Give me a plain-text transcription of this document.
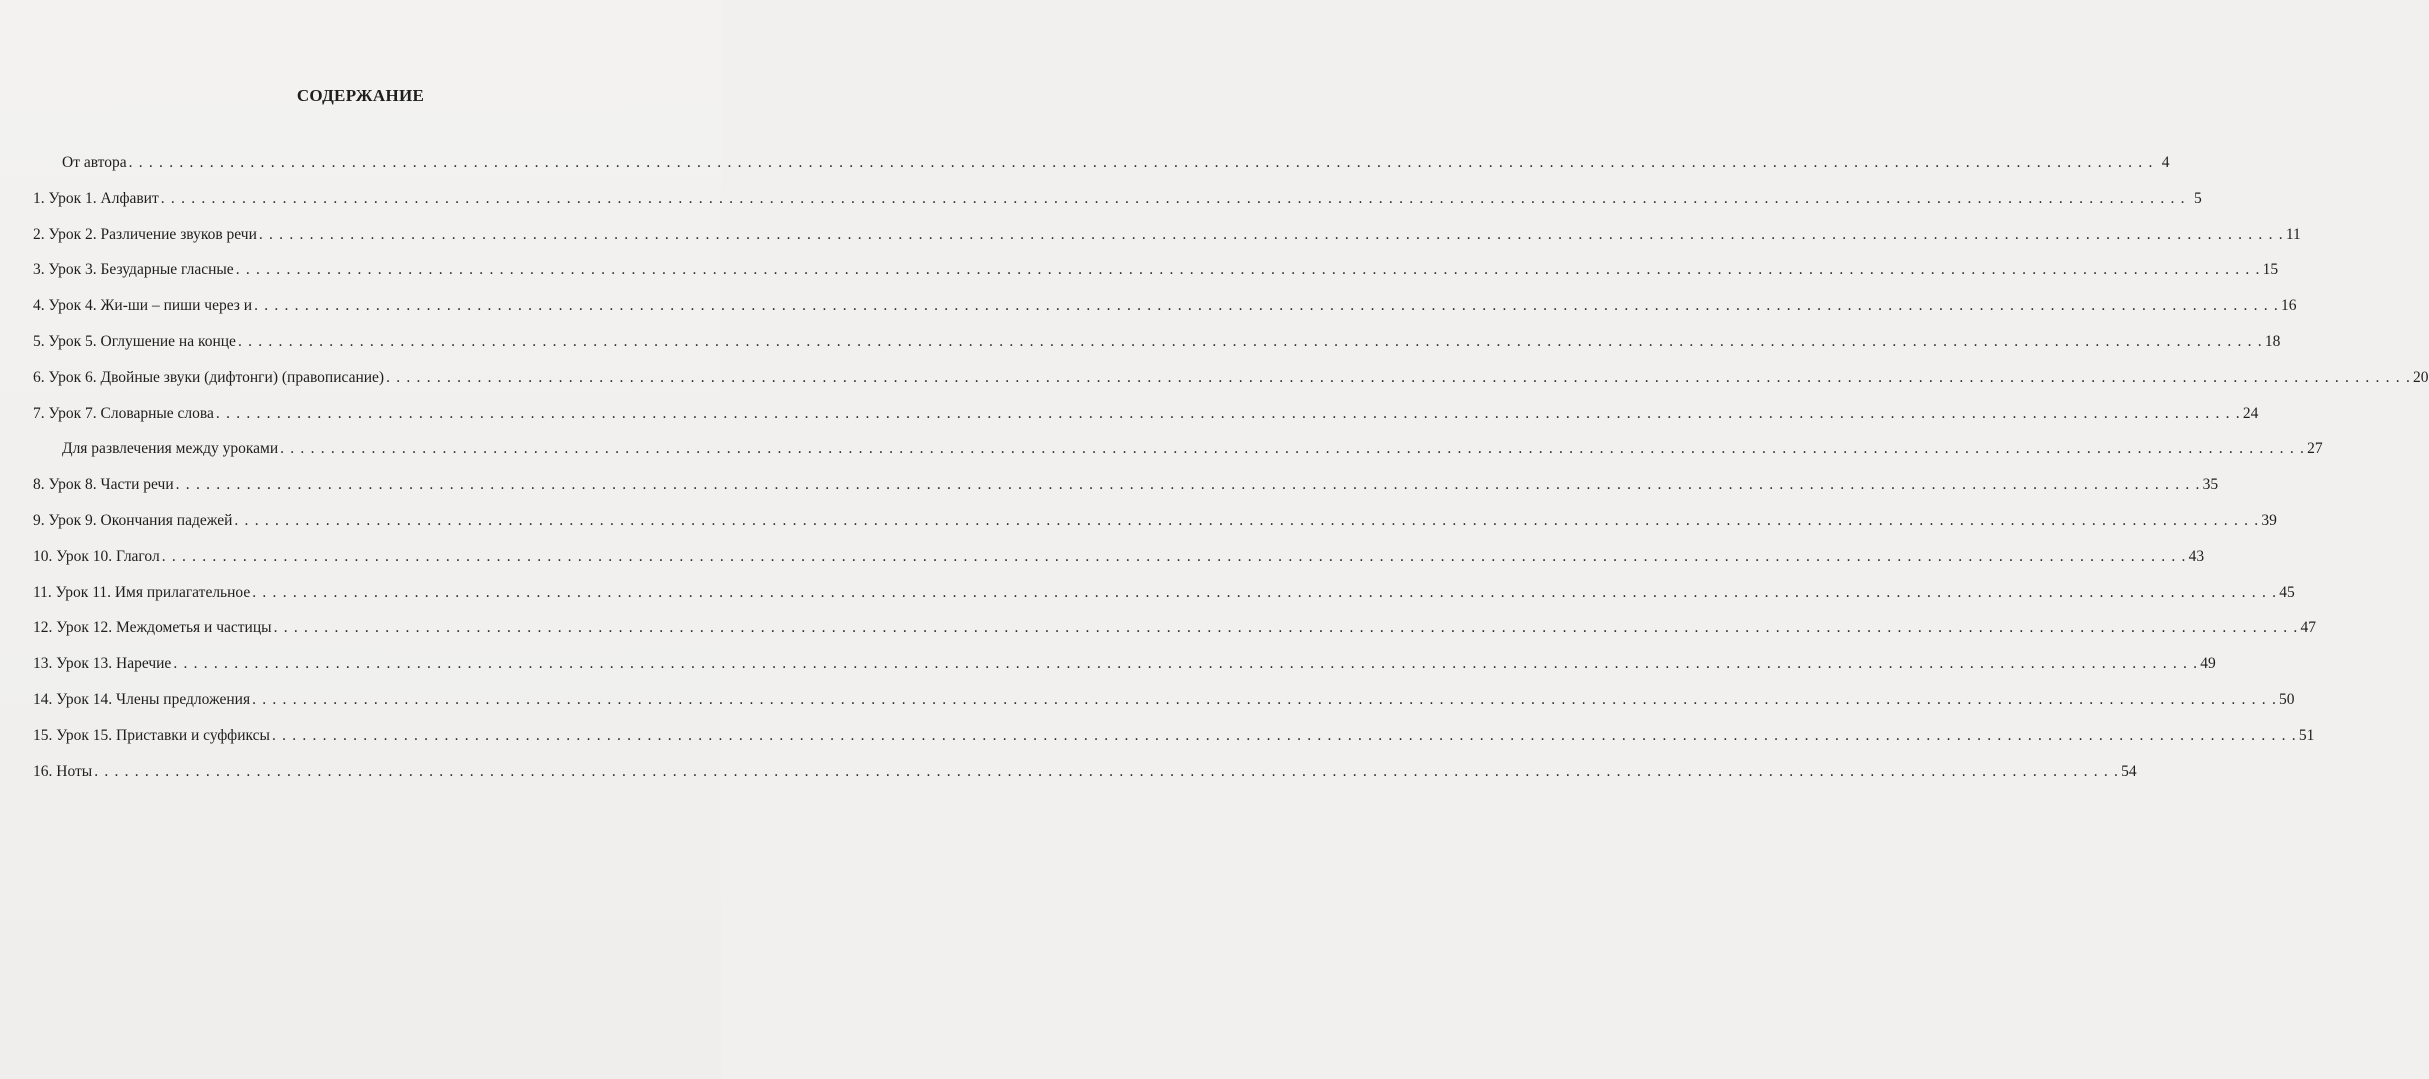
СОДЕРЖАНИЕ
От автора . . . . . . . . . . . . . . . . . . . . . . . . . . . . . . . . . . . . . . . . . . . . . . . . . . . . . . . . . . . . . . . . . . . . . . . . . . . . . . . . . . . . . . . . . . . . . . . . . . . . . . . . . . . . . . . . . . . . . . . . . . . . . . . . . . . . . . . . . . . . . . . . . . . . . . . . . . . . . . . . . . . . . . . . . . . . . . . . . . . . . . . . . . . . . . . . . . . . . . . . 4
1. Урок 1. Алфавит . . . . . . . . . . . . . . . . . . . . . . . . . . . . . . . . . . . . . . . . . . . . . . . . . . . . . . . . . . . . . . . . . . . . . . . . . . . . . . . . . . . . . . . . . . . . . . . . . . . . . . . . . . . . . . . . . . . . . . . . . . . . . . . . . . . . . . . . . . . . . . . . . . . . . . . . . . . . . . . . . . . . . . . . . . . . . . . . . . . . . . . . . . . . . . . . . . . . . . . . 5
2. Урок 2. Различение звуков речи . . . . . . . . . . . . . . . . . . . . . . . . . . . . . . . . . . . . . . . . . . . . . . . . . . . . . . . . . . . . . . . . . . . . . . . . . . . . . . . . . . . . . . . . . . . . . . . . . . . . . . . . . . . . . . . . . . . . . . . . . . . . . . . . . . . . . . . . . . . . . . . . . . . . . . . . . . . . . . . . . . . . . . . . . . . . . . . . . . . . . . . . . . . . . . . . . . . . . . . . 11
3. Урок 3. Безударные гласные . . . . . . . . . . . . . . . . . . . . . . . . . . . . . . . . . . . . . . . . . . . . . . . . . . . . . . . . . . . . . . . . . . . . . . . . . . . . . . . . . . . . . . . . . . . . . . . . . . . . . . . . . . . . . . . . . . . . . . . . . . . . . . . . . . . . . . . . . . . . . . . . . . . . . . . . . . . . . . . . . . . . . . . . . . . . . . . . . . . . . . . . . . . . . . . . . . . . . . . . 15
4. Урок 4. Жи-ши – пиши через и . . . . . . . . . . . . . . . . . . . . . . . . . . . . . . . . . . . . . . . . . . . . . . . . . . . . . . . . . . . . . . . . . . . . . . . . . . . . . . . . . . . . . . . . . . . . . . . . . . . . . . . . . . . . . . . . . . . . . . . . . . . . . . . . . . . . . . . . . . . . . . . . . . . . . . . . . . . . . . . . . . . . . . . . . . . . . . . . . . . . . . . . . . . . . . . . . . . . . . . . 16
5. Урок 5. Оглушение на конце . . . . . . . . . . . . . . . . . . . . . . . . . . . . . . . . . . . . . . . . . . . . . . . . . . . . . . . . . . . . . . . . . . . . . . . . . . . . . . . . . . . . . . . . . . . . . . . . . . . . . . . . . . . . . . . . . . . . . . . . . . . . . . . . . . . . . . . . . . . . . . . . . . . . . . . . . . . . . . . . . . . . . . . . . . . . . . . . . . . . . . . . . . . . . . . . . . . . . . . . 18
6. Урок 6. Двойные звуки (дифтонги) (правописание) . . . . . . . . . . . . . . . . . . . . . . . . . . . . . . . . . . . . . . . . . . . . . . . . . . . . . . . . . . . . . . . . . . . . . . . . . . . . . . . . . . . . . . . . . . . . . . . . . . . . . . . . . . . . . . . . . . . . . . . . . . . . . . . . . . . . . . . . . . . . . . . . . . . . . . . . . . . . . . . . . . . . . . . . . . . . . . . . . . . . . . . . . . . . . . . . . . . . . . . . 20
7. Урок 7. Словарные слова . . . . . . . . . . . . . . . . . . . . . . . . . . . . . . . . . . . . . . . . . . . . . . . . . . . . . . . . . . . . . . . . . . . . . . . . . . . . . . . . . . . . . . . . . . . . . . . . . . . . . . . . . . . . . . . . . . . . . . . . . . . . . . . . . . . . . . . . . . . . . . . . . . . . . . . . . . . . . . . . . . . . . . . . . . . . . . . . . . . . . . . . . . . . . . . . . . . . . . . . 24
Для развлечения между уроками . . . . . . . . . . . . . . . . . . . . . . . . . . . . . . . . . . . . . . . . . . . . . . . . . . . . . . . . . . . . . . . . . . . . . . . . . . . . . . . . . . . . . . . . . . . . . . . . . . . . . . . . . . . . . . . . . . . . . . . . . . . . . . . . . . . . . . . . . . . . . . . . . . . . . . . . . . . . . . . . . . . . . . . . . . . . . . . . . . . . . . . . . . . . . . . . . . . . . . . . 27
8. Урок 8. Части речи . . . . . . . . . . . . . . . . . . . . . . . . . . . . . . . . . . . . . . . . . . . . . . . . . . . . . . . . . . . . . . . . . . . . . . . . . . . . . . . . . . . . . . . . . . . . . . . . . . . . . . . . . . . . . . . . . . . . . . . . . . . . . . . . . . . . . . . . . . . . . . . . . . . . . . . . . . . . . . . . . . . . . . . . . . . . . . . . . . . . . . . . . . . . . . . . . . . . . . . . 35
9. Урок 9. Окончания падежей . . . . . . . . . . . . . . . . . . . . . . . . . . . . . . . . . . . . . . . . . . . . . . . . . . . . . . . . . . . . . . . . . . . . . . . . . . . . . . . . . . . . . . . . . . . . . . . . . . . . . . . . . . . . . . . . . . . . . . . . . . . . . . . . . . . . . . . . . . . . . . . . . . . . . . . . . . . . . . . . . . . . . . . . . . . . . . . . . . . . . . . . . . . . . . . . . . . . . . . . 39
10. Урок 10. Глагол . . . . . . . . . . . . . . . . . . . . . . . . . . . . . . . . . . . . . . . . . . . . . . . . . . . . . . . . . . . . . . . . . . . . . . . . . . . . . . . . . . . . . . . . . . . . . . . . . . . . . . . . . . . . . . . . . . . . . . . . . . . . . . . . . . . . . . . . . . . . . . . . . . . . . . . . . . . . . . . . . . . . . . . . . . . . . . . . . . . . . . . . . . . . . . . . . . . . . . . . 43
11. Урок 11. Имя прилагательное . . . . . . . . . . . . . . . . . . . . . . . . . . . . . . . . . . . . . . . . . . . . . . . . . . . . . . . . . . . . . . . . . . . . . . . . . . . . . . . . . . . . . . . . . . . . . . . . . . . . . . . . . . . . . . . . . . . . . . . . . . . . . . . . . . . . . . . . . . . . . . . . . . . . . . . . . . . . . . . . . . . . . . . . . . . . . . . . . . . . . . . . . . . . . . . . . . . . . . . . 45
12. Урок 12. Междометья и частицы . . . . . . . . . . . . . . . . . . . . . . . . . . . . . . . . . . . . . . . . . . . . . . . . . . . . . . . . . . . . . . . . . . . . . . . . . . . . . . . . . . . . . . . . . . . . . . . . . . . . . . . . . . . . . . . . . . . . . . . . . . . . . . . . . . . . . . . . . . . . . . . . . . . . . . . . . . . . . . . . . . . . . . . . . . . . . . . . . . . . . . . . . . . . . . . . . . . . . . . . 47
13. Урок 13. Наречие . . . . . . . . . . . . . . . . . . . . . . . . . . . . . . . . . . . . . . . . . . . . . . . . . . . . . . . . . . . . . . . . . . . . . . . . . . . . . . . . . . . . . . . . . . . . . . . . . . . . . . . . . . . . . . . . . . . . . . . . . . . . . . . . . . . . . . . . . . . . . . . . . . . . . . . . . . . . . . . . . . . . . . . . . . . . . . . . . . . . . . . . . . . . . . . . . . . . . . . . 49
14. Урок 14. Члены предложения . . . . . . . . . . . . . . . . . . . . . . . . . . . . . . . . . . . . . . . . . . . . . . . . . . . . . . . . . . . . . . . . . . . . . . . . . . . . . . . . . . . . . . . . . . . . . . . . . . . . . . . . . . . . . . . . . . . . . . . . . . . . . . . . . . . . . . . . . . . . . . . . . . . . . . . . . . . . . . . . . . . . . . . . . . . . . . . . . . . . . . . . . . . . . . . . . . . . . . . . 50
15. Урок 15. Приставки и суффиксы . . . . . . . . . . . . . . . . . . . . . . . . . . . . . . . . . . . . . . . . . . . . . . . . . . . . . . . . . . . . . . . . . . . . . . . . . . . . . . . . . . . . . . . . . . . . . . . . . . . . . . . . . . . . . . . . . . . . . . . . . . . . . . . . . . . . . . . . . . . . . . . . . . . . . . . . . . . . . . . . . . . . . . . . . . . . . . . . . . . . . . . . . . . . . . . . . . . . . . . . 51
16. Ноты . . . . . . . . . . . . . . . . . . . . . . . . . . . . . . . . . . . . . . . . . . . . . . . . . . . . . . . . . . . . . . . . . . . . . . . . . . . . . . . . . . . . . . . . . . . . . . . . . . . . . . . . . . . . . . . . . . . . . . . . . . . . . . . . . . . . . . . . . . . . . . . . . . . . . . . . . . . . . . . . . . . . . . . . . . . . . . . . . . . . . . . . . . . . . . . . . . . . . . . . 54
